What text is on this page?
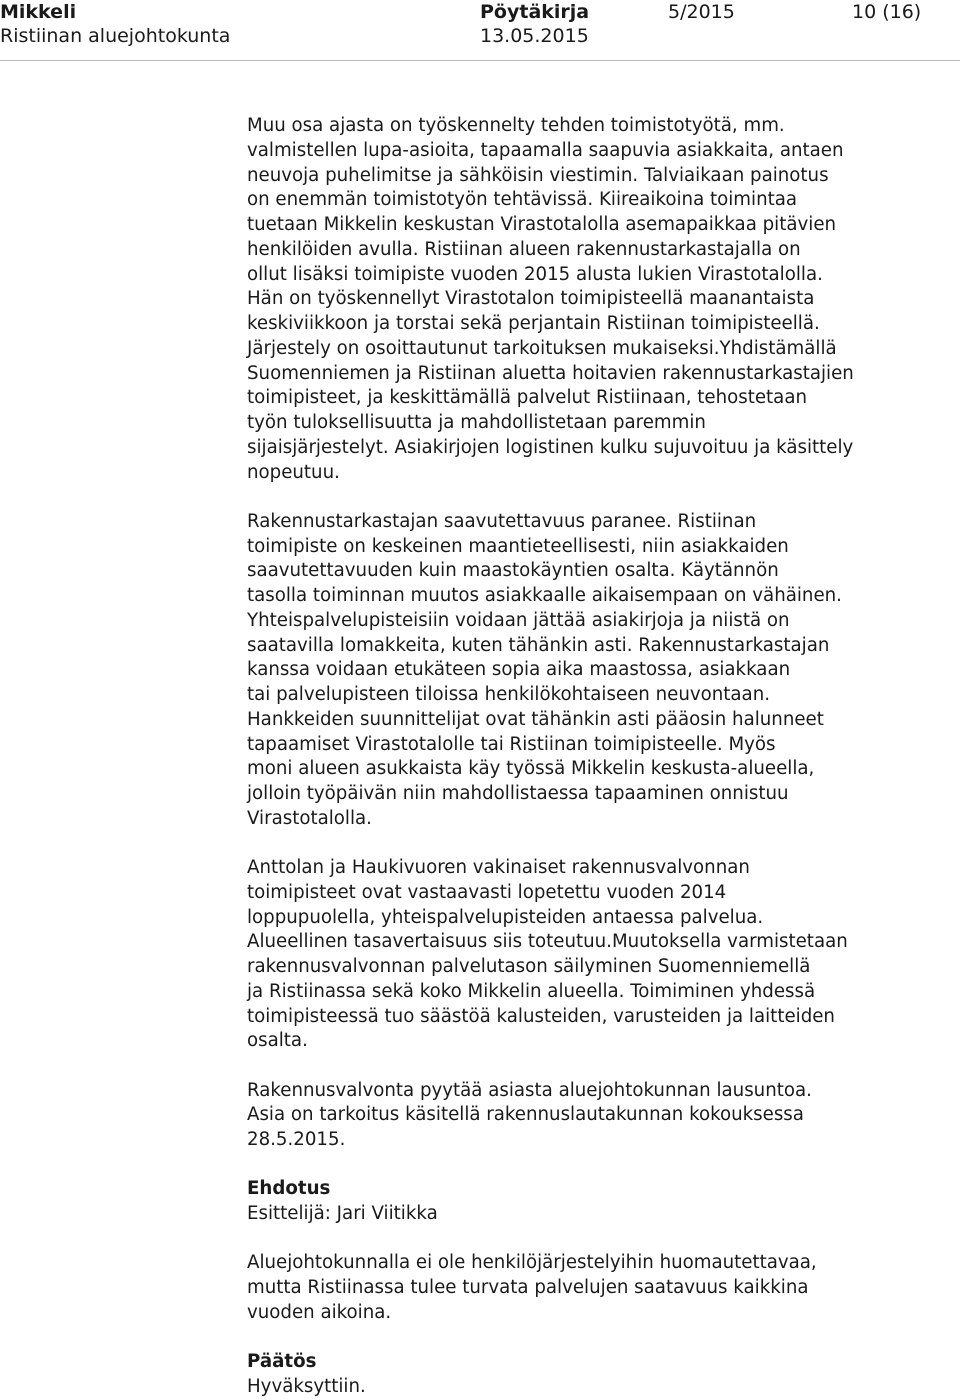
Mikkeli
Ristiinan aluejohtokunta
Pöytäkirja
13.05.2015
5/2015	10 (16)

Muu osa ajasta on työskennelty tehden toimistotyötä, mm.
valmistellen lupa-asioita, tapaamalla saapuvia asiakkaita, antaen
neuvoja puhelimitse ja sähköisin viestimin. Talviaikaan painotus
on enemmän toimistotyön tehtävissä. Kiireaikoina toimintaa
tuetaan Mikkelin keskustan Virastotalolla asemapaikkaa pitävien
henkilöiden avulla. Ristiinan alueen rakennustarkastajalla on
ollut lisäksi toimipiste vuoden 2015 alusta lukien Virastotalolla.
Hän on työskennellyt Virastotalon toimipisteellä maanantaista
keskiviikkoon ja torstai sekä perjantain Ristiinan toimipisteellä.
Järjestely on osoittautunut tarkoituksen mukaiseksi.Yhdistämällä
Suomenniemen ja Ristiinan aluetta hoitavien rakennustarkastajien
toimipisteet, ja keskittämällä palvelut Ristiinaan, tehostetaan
työn tuloksellisuutta ja mahdollistetaan paremmin
sijaisjärjestelyt. Asiakirjojen logistinen kulku sujuvoituu ja käsittely
nopeutuu.

Rakennustarkastajan saavutettavuus paranee. Ristiinan
toimipiste on keskeinen maantieteellisesti, niin asiakkaiden
saavutettavuuden kuin maastokäyntien osalta. Käytännön
tasolla toiminnan muutos asiakkaalle aikaisempaan on vähäinen.
Yhteispalvelupisteisiin voidaan jättää asiakirjoja ja niistä on
saatavilla lomakkeita, kuten tähänkin asti. Rakennustarkastajan
kanssa voidaan etukäteen sopia aika maastossa, asiakkaan
tai palvelupisteen tiloissa henkilökohtaiseen neuvontaan.
Hankkeiden suunnittelijat ovat tähänkin asti pääosin halunneet
tapaamiset Virastotalolle tai Ristiinan toimipisteelle. Myös
moni alueen asukkaista käy työssä Mikkelin keskusta-alueella,
jolloin työpäivän niin mahdollistaessa tapaaminen onnistuu
Virastotalolla.

Anttolan ja Haukivuoren vakinaiset rakennusvalvonnan
toimipisteet ovat vastaavasti lopetettu vuoden 2014
loppupuolella, yhteispalvelupisteiden antaessa palvelua.
Alueellinen tasavertaisuus siis toteutuu.Muutoksella varmistetaan
rakennusvalvonnan palvelutason säilyminen Suomenniemellä
ja Ristiinassa sekä koko Mikkelin alueella. Toimiminen yhdessä
toimipisteessä tuo säästöä kalusteiden, varusteiden ja laitteiden
osalta.

Rakennusvalvonta pyytää asiasta aluejohtokunnan lausuntoa.
Asia on tarkoitus käsitellä rakennuslautakunnan kokouksessa
28.5.2015.

Ehdotus
Esittelijä: Jari Viitikka

Aluejohtokunnalla ei ole henkilöjärjestelyihin huomautettavaa,
mutta Ristiinassa tulee turvata palvelujen saatavuus kaikkina
vuoden aikoina.

Päätös
Hyväksyttiin.
